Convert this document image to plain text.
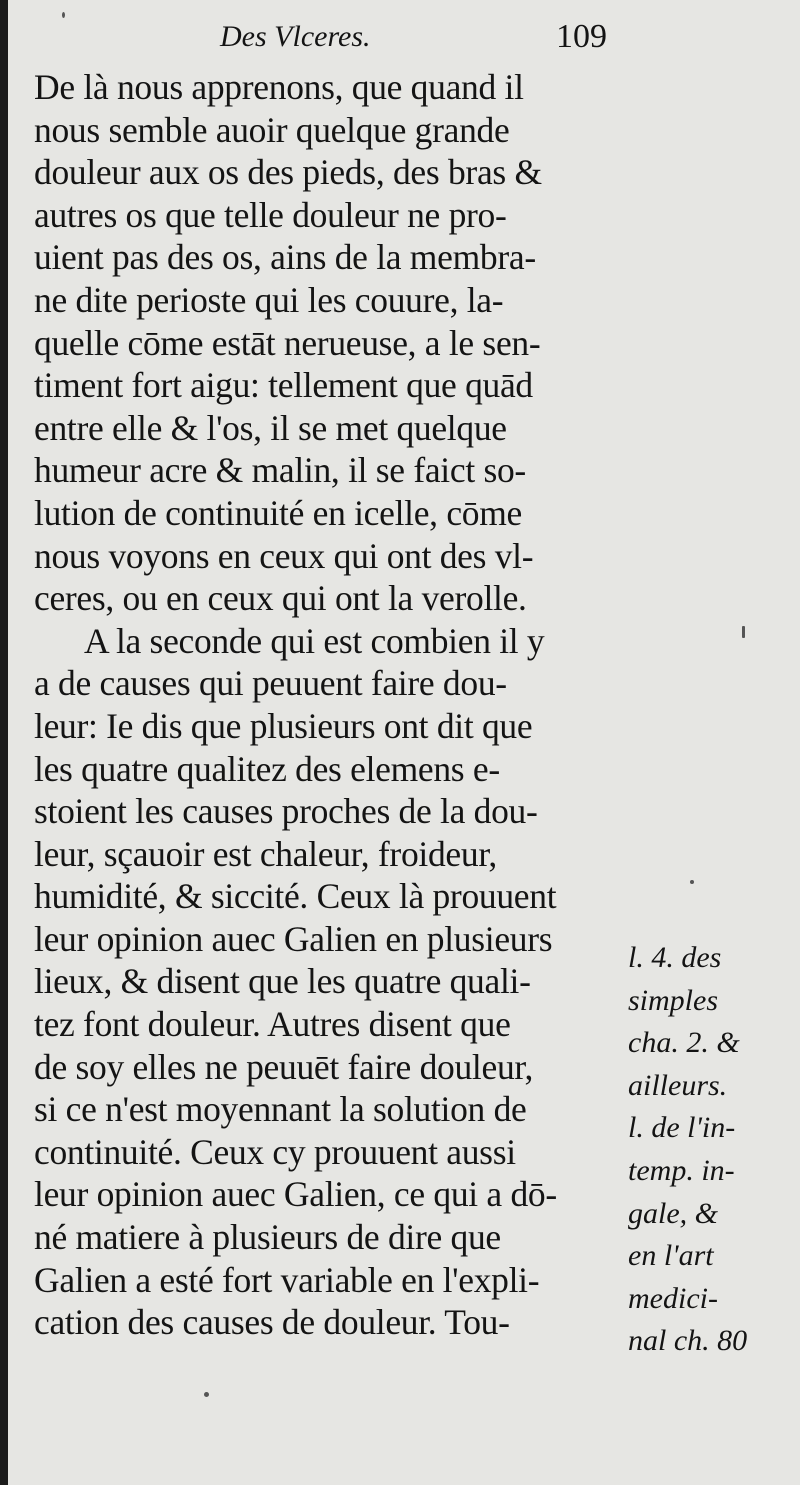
Des Vlceres.	109
De là nous apprenons, que quand il
nous semble auoir quelque grande
douleur aux os des pieds, des bras &
autres os que telle douleur ne pro-
uient pas des os, ains de la membra-
ne dite perioste qui les couure, la-
quelle cōme estāt nerueuse, a le sen-
timent fort aigu: tellement que quād
entre elle & l'os, il se met quelque
humeur acre & malin, il se faict so-
lution de continuité en icelle, cōme
nous voyons en ceux qui ont des vl-
ceres, ou en ceux qui ont la verolle.
A la seconde qui est combien il y
a de causes qui peuuent faire dou-
leur: Ie dis que plusieurs ont dit que
les quatre qualitez des elemens e-
stoient les causes proches de la dou-
leur, sçauoir est chaleur, froideur,
humidité, & siccité. Ceux là prouuent
leur opinion auec Galien en plusieurs
lieux, & disent que les quatre quali-
tez font douleur. Autres disent que
de soy elles ne peuuēt faire douleur,
si ce n'est moyennant la solution de
continuité. Ceux cy prouuent aussi
leur opinion auec Galien, ce qui a dō-
né matiere à plusieurs de dire que
Galien a esté fort variable en l'expli-
cation des causes de douleur. Tou-
l. 4. des
simples
cha. 2. &
ailleurs.
l. de l'in-
temp. in-
gale, &
en l'art
medici-
nal ch. 80
